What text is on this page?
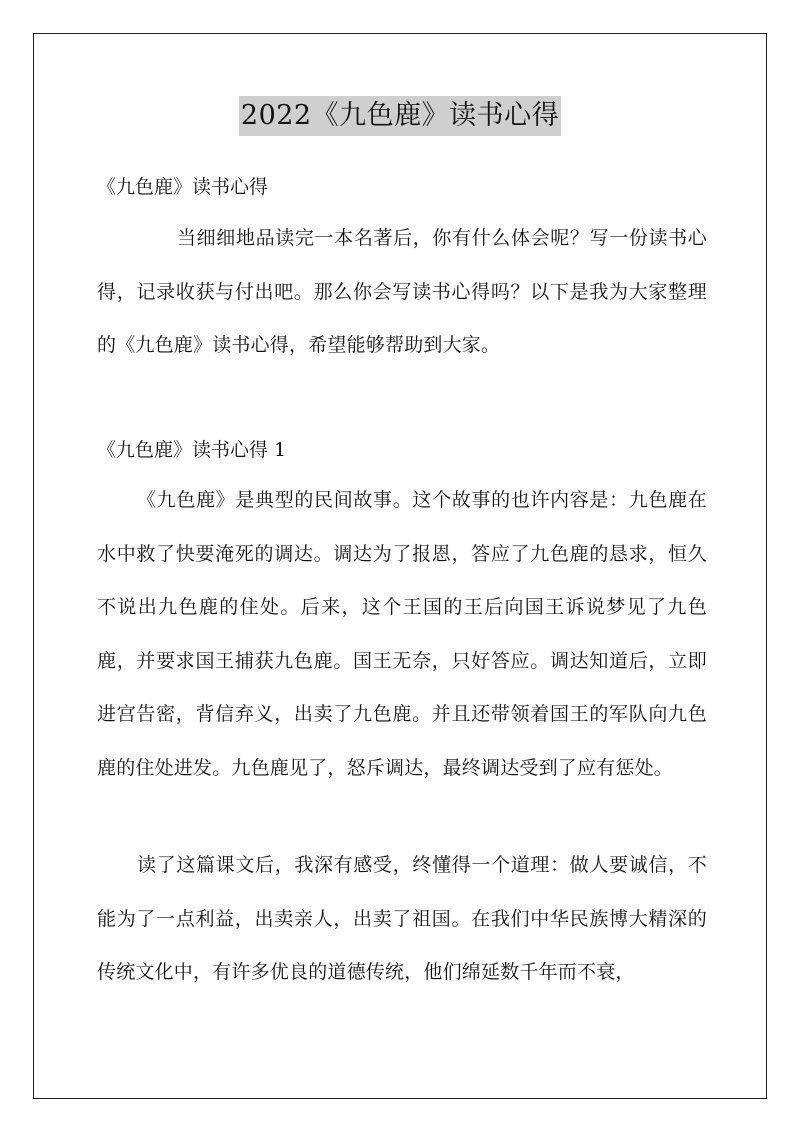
2022《九色鹿》读书心得

《九色鹿》读书心得

当细细地品读完一本名著后，你有什么体会呢？写一份读书心得，记录收获与付出吧。那么你会写读书心得吗？以下是我为大家整理的《九色鹿》读书心得，希望能够帮助到大家。

《九色鹿》读书心得 1

《九色鹿》是典型的民间故事。这个故事的也许内容是：九色鹿在水中救了快要淹死的调达。调达为了报恩，答应了九色鹿的恳求，恒久不说出九色鹿的住处。后来，这个王国的王后向国王诉说梦见了九色鹿，并要求国王捕获九色鹿。国王无奈，只好答应。调达知道后，立即进宫告密，背信弃义，出卖了九色鹿。并且还带领着国王的军队向九色鹿的住处进发。九色鹿见了，怒斥调达，最终调达受到了应有惩处。

读了这篇课文后，我深有感受，终懂得一个道理：做人要诚信，不能为了一点利益，出卖亲人，出卖了祖国。在我们中华民族博大精深的传统文化中，有许多优良的道德传统，他们绵延数千年而不衰，
